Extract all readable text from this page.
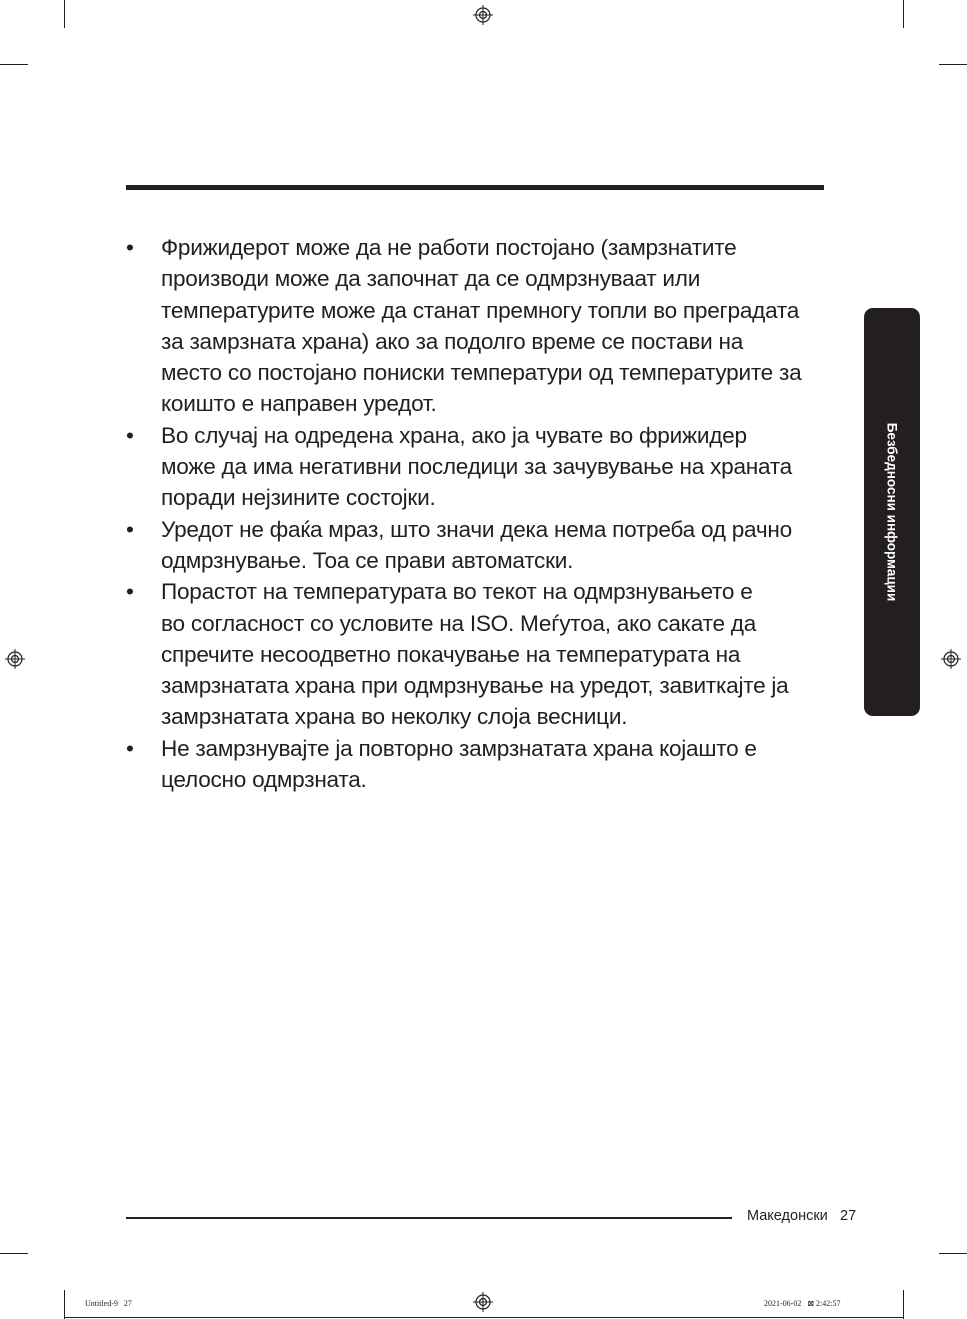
• Фрижидерот може да не работи постојано (замрзнатите
производи може да започнат да се одмрзнуваат или
температурите може да станат премногу топли во преградата
за замрзната храна) ако за подолго време се постави на
место со постојано пониски температури од температурите за
коишто е направен уредот.
• Во случај на одредена храна, ако ја чувате во фрижидер
може да има негативни последици за зачувување на храната
поради нејзините состојки.
• Уредот не фаќа мраз, што значи дека нема потреба од рачно
одмрзнување. Тоа се прави автоматски.
• Порастот на температурата во текот на одмрзнувањето е
во согласност со условите на ISO. Меѓутоа, ако сакате да
спречите несоодветно покачување на температурата на
замрзнатата храна при одмрзнување на уредот, завиткајте ја
замрзнатата храна во неколку слоја весници.
• Не замрзнувајте ја повторно замрзнатата храна којашто е
целосно одмрзната.
Безбедносни информации
Македонски 27
Untitled-9   27	2021-06-02   ⊠ 2:42:57
